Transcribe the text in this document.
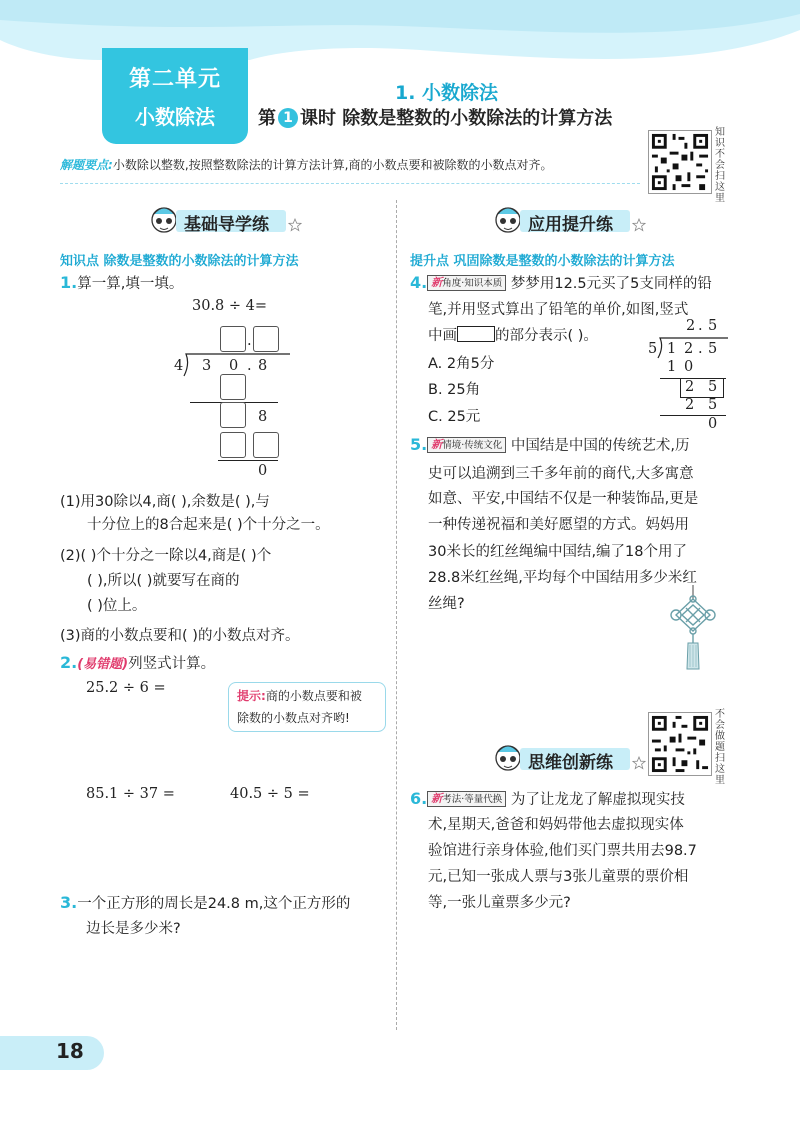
第二单元
小数除法
1. 小数除法
第 1 课时 除数是整数的小数除法的计算方法
知
识
不
会
扫
这
里
解题要点:小数除以整数,按照整数除法的计算方法计算,商的小数点要和被除数的小数点对齐。
基础导学练
知识点 除数是整数的小数除法的计算方法
1.算一算,填一填。
30.8 ÷ 4=
.
4 3 0 . 8
8
0
(1)用30除以4,商( ),余数是( ),与
十分位上的8合起来是( )个十分之一。
(2)( )个十分之一除以4,商是( )个
( ),所以( )就要写在商的
( )位上。
(3)商的小数点要和( )的小数点对齐。
2.(易错题)列竖式计算。
25.2 ÷ 6 =	提示:商的小数点要和被
除数的小数点对齐哟!
85.1 ÷ 37 =	40.5 ÷ 5 =
3.一个正方形的周长是24.8 m,这个正方形的
边长是多少米?
应用提升练
提升点 巩固除数是整数的小数除法的计算方法
4. 新角度·知识本质 梦梦用12.5元买了5支同样的铅
笔,并用竖式算出了铅笔的单价,如图,竖式
中画	的部分表示( )。
A. 2角5分
B. 25角
C. 25元
2 . 5
5 1 2 . 5
1 0
2 5
2 5
0
5. 新情境·传统文化 中国结是中国的传统艺术,历
史可以追溯到三千多年前的商代,大多寓意
如意、平安,中国结不仅是一种装饰品,更是
一种传递祝福和美好愿望的方式。妈妈用
30米长的红丝绳编中国结,编了18个用了
28.8米红丝绳,平均每个中国结用多少米红
丝绳?
不
会
做
题
扫
这
里
思维创新练
6. 新考法·等量代换 为了让龙龙了解虚拟现实技
术,星期天,爸爸和妈妈带他去虚拟现实体
验馆进行亲身体验,他们买门票共用去98.7
元,已知一张成人票与3张儿童票的票价相
等,一张儿童票多少元?
18
